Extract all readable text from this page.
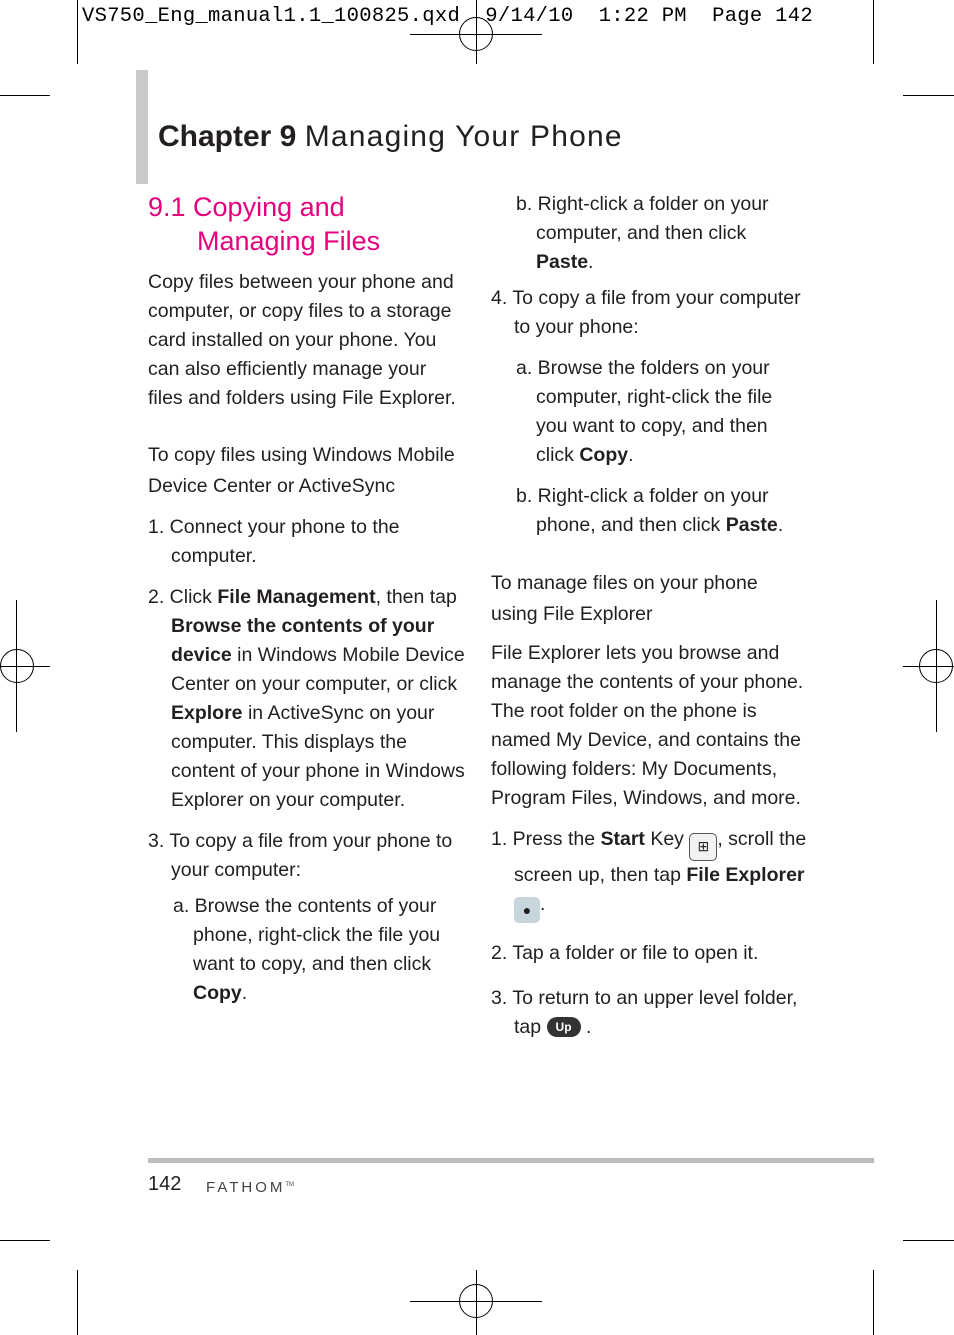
VS750_Eng_manual1.1_100825.qxd  9/14/10  1:22 PM  Page 142
Chapter 9 Managing Your Phone
9.1 Copying and
Managing Files

Copy files between your phone and computer, or copy files to a storage card installed on your phone. You can also efficiently manage your files and folders using File Explorer.

To copy files using Windows Mobile Device Center or ActiveSync

1. Connect your phone to the computer.

2. Click File Management, then tap Browse the contents of your device in Windows Mobile Device Center on your computer, or click Explore in ActiveSync on your computer. This displays the content of your phone in Windows Explorer on your computer.

3. To copy a file from your phone to your computer:

a. Browse the contents of your phone, right-click the file you want to copy, and then click Copy.

b. Right-click a folder on your computer, and then click Paste.

4. To copy a file from your computer to your phone:

a. Browse the folders on your computer, right-click the file you want to copy, and then click Copy.

b. Right-click a folder on your phone, and then click Paste.

To manage files on your phone using File Explorer

File Explorer lets you browse and manage the contents of your phone. The root folder on the phone is named My Device, and contains the following folders: My Documents, Program Files, Windows, and more.

1. Press the Start Key ⊞ , scroll the screen up, then tap File Explorer ● .

2. Tap a folder or file to open it.

3. To return to an upper level folder, tap Up .

142 FATHOM™
